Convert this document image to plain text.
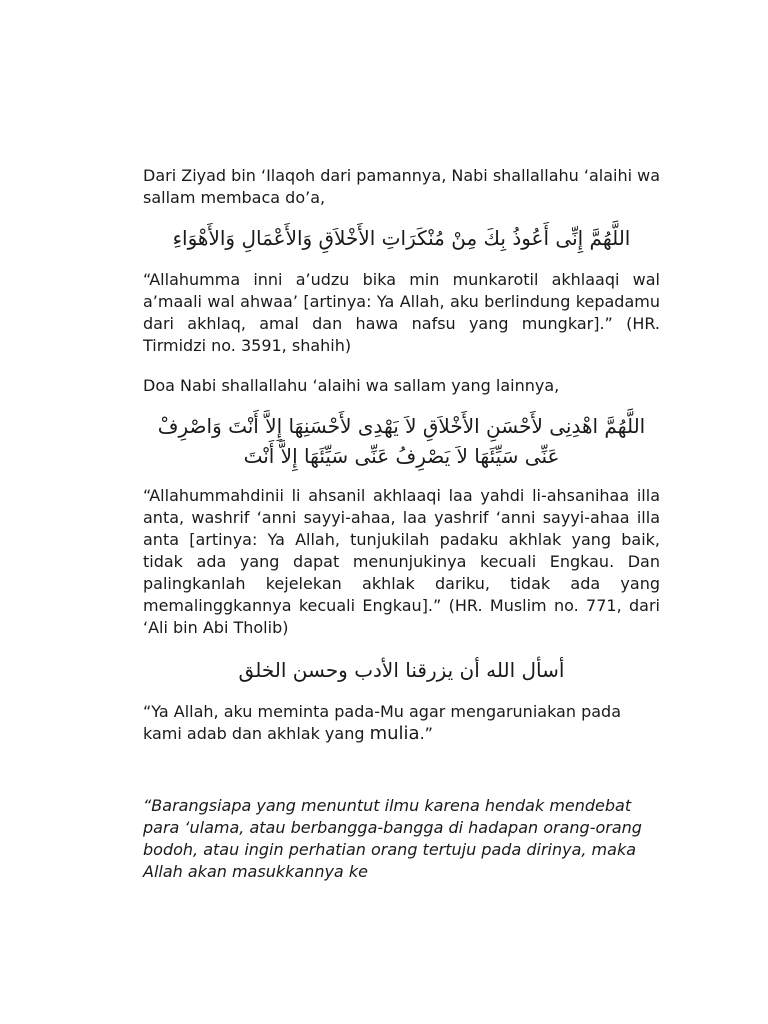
Dari Ziyad bin ‘Ilaqoh dari pamannya, Nabi shallallahu ‘alaihi wa sallam membaca do’a,

اللَّهُمَّ إِنِّى أَعُوذُ بِكَ مِنْ مُنْكَرَاتِ الأَخْلاَقِ وَالأَعْمَالِ وَالأَهْوَاءِ

“Allahumma inni a’udzu bika min munkarotil akhlaaqi wal a’maali wal ahwaa’ [artinya: Ya Allah, aku berlindung kepadamu dari akhlaq, amal dan hawa nafsu yang mungkar].” (HR. Tirmidzi no. 3591, shahih)

Doa Nabi shallallahu ‘alaihi wa sallam yang lainnya,

اللَّهُمَّ اهْدِنِى لأَحْسَنِ الأَخْلاَقِ لاَ يَهْدِى لأَحْسَنِهَا إِلاَّ أَنْتَ وَاصْرِفْ عَنِّى سَيِّئَهَا لاَ يَصْرِفُ عَنِّى سَيِّئَهَا إِلاَّ أَنْتَ

“Allahummahdinii li ahsanil akhlaaqi laa yahdi li-ahsanihaa illa anta, washrif ‘anni sayyi-ahaa, laa yashrif ‘anni sayyi-ahaa illa anta [artinya: Ya Allah, tunjukilah padaku akhlak yang baik, tidak ada yang dapat menunjukinya kecuali Engkau. Dan palingkanlah kejelekan akhlak dariku, tidak ada yang memalinggkannya kecuali Engkau].” (HR. Muslim no. 771, dari ‘Ali bin Abi Tholib)

أسأل الله أن يزرقنا الأدب وحسن الخلق

“Ya Allah, aku meminta pada-Mu agar mengaruniakan pada kami adab dan akhlak yang mulia.”

“Barangsiapa yang menuntut ilmu karena hendak mendebat para ‘ulama, atau berbangga-bangga di hadapan orang-orang bodoh, atau ingin perhatian orang tertuju pada dirinya, maka Allah akan masukkannya ke
